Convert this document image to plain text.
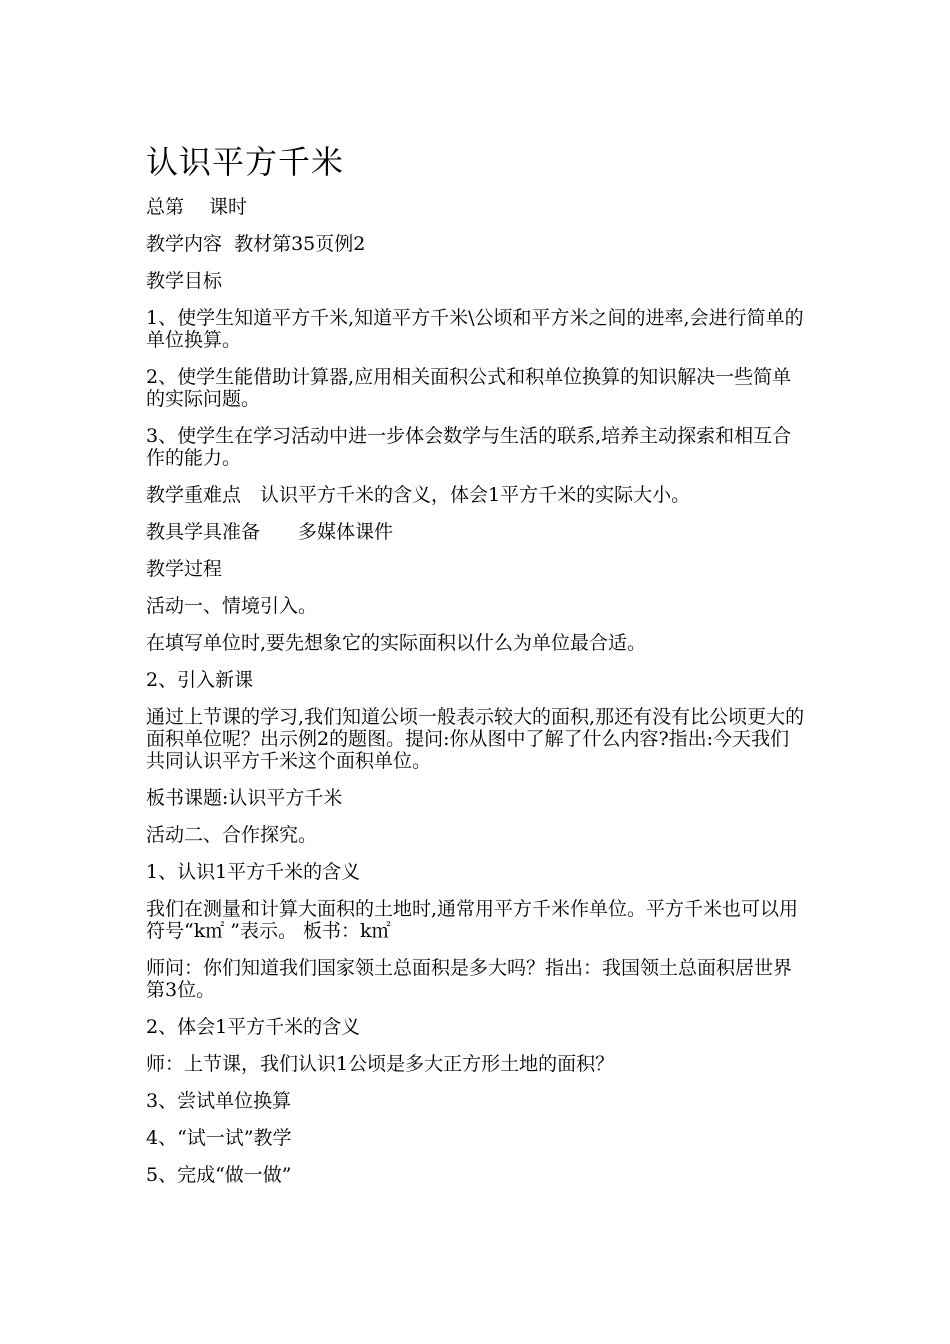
认识平方千米

总第　 课时

教学内容  教材第35页例2

教学目标

1、使学生知道平方千米,知道平方千米\公顷和平方米之间的进率,会进行简单的单位换算。

2、使学生能借助计算器,应用相关面积公式和积单位换算的知识解决一些简单的实际问题。

3、使学生在学习活动中进一步体会数学与生活的联系,培养主动探索和相互合作的能力。

教学重难点　认识平方千米的含义，体会1平方千米的实际大小。

教具学具准备　　多媒体课件

教学过程

活动一、情境引入。

在填写单位时,要先想象它的实际面积以什么为单位最合适。

2、引入新课

通过上节课的学习,我们知道公顷一般表示较大的面积,那还有没有比公顷更大的面积单位呢？出示例2的题图。提问:你从图中了解了什么内容?指出:今天我们共同认识平方千米这个面积单位。

板书课题:认识平方千米

活动二、合作探究。

1、认识1平方千米的含义

我们在测量和计算大面积的土地时,通常用平方千米作单位。平方千米也可以用符号“k㎡ ”表示。 板书：k㎡

师问：你们知道我们国家领土总面积是多大吗？指出：我国领土总面积居世界第3位。

2、体会1平方千米的含义

师：上节课，我们认识1公顷是多大正方形土地的面积？

3、尝试单位换算

4、“试一试”教学

5、完成“做一做”
